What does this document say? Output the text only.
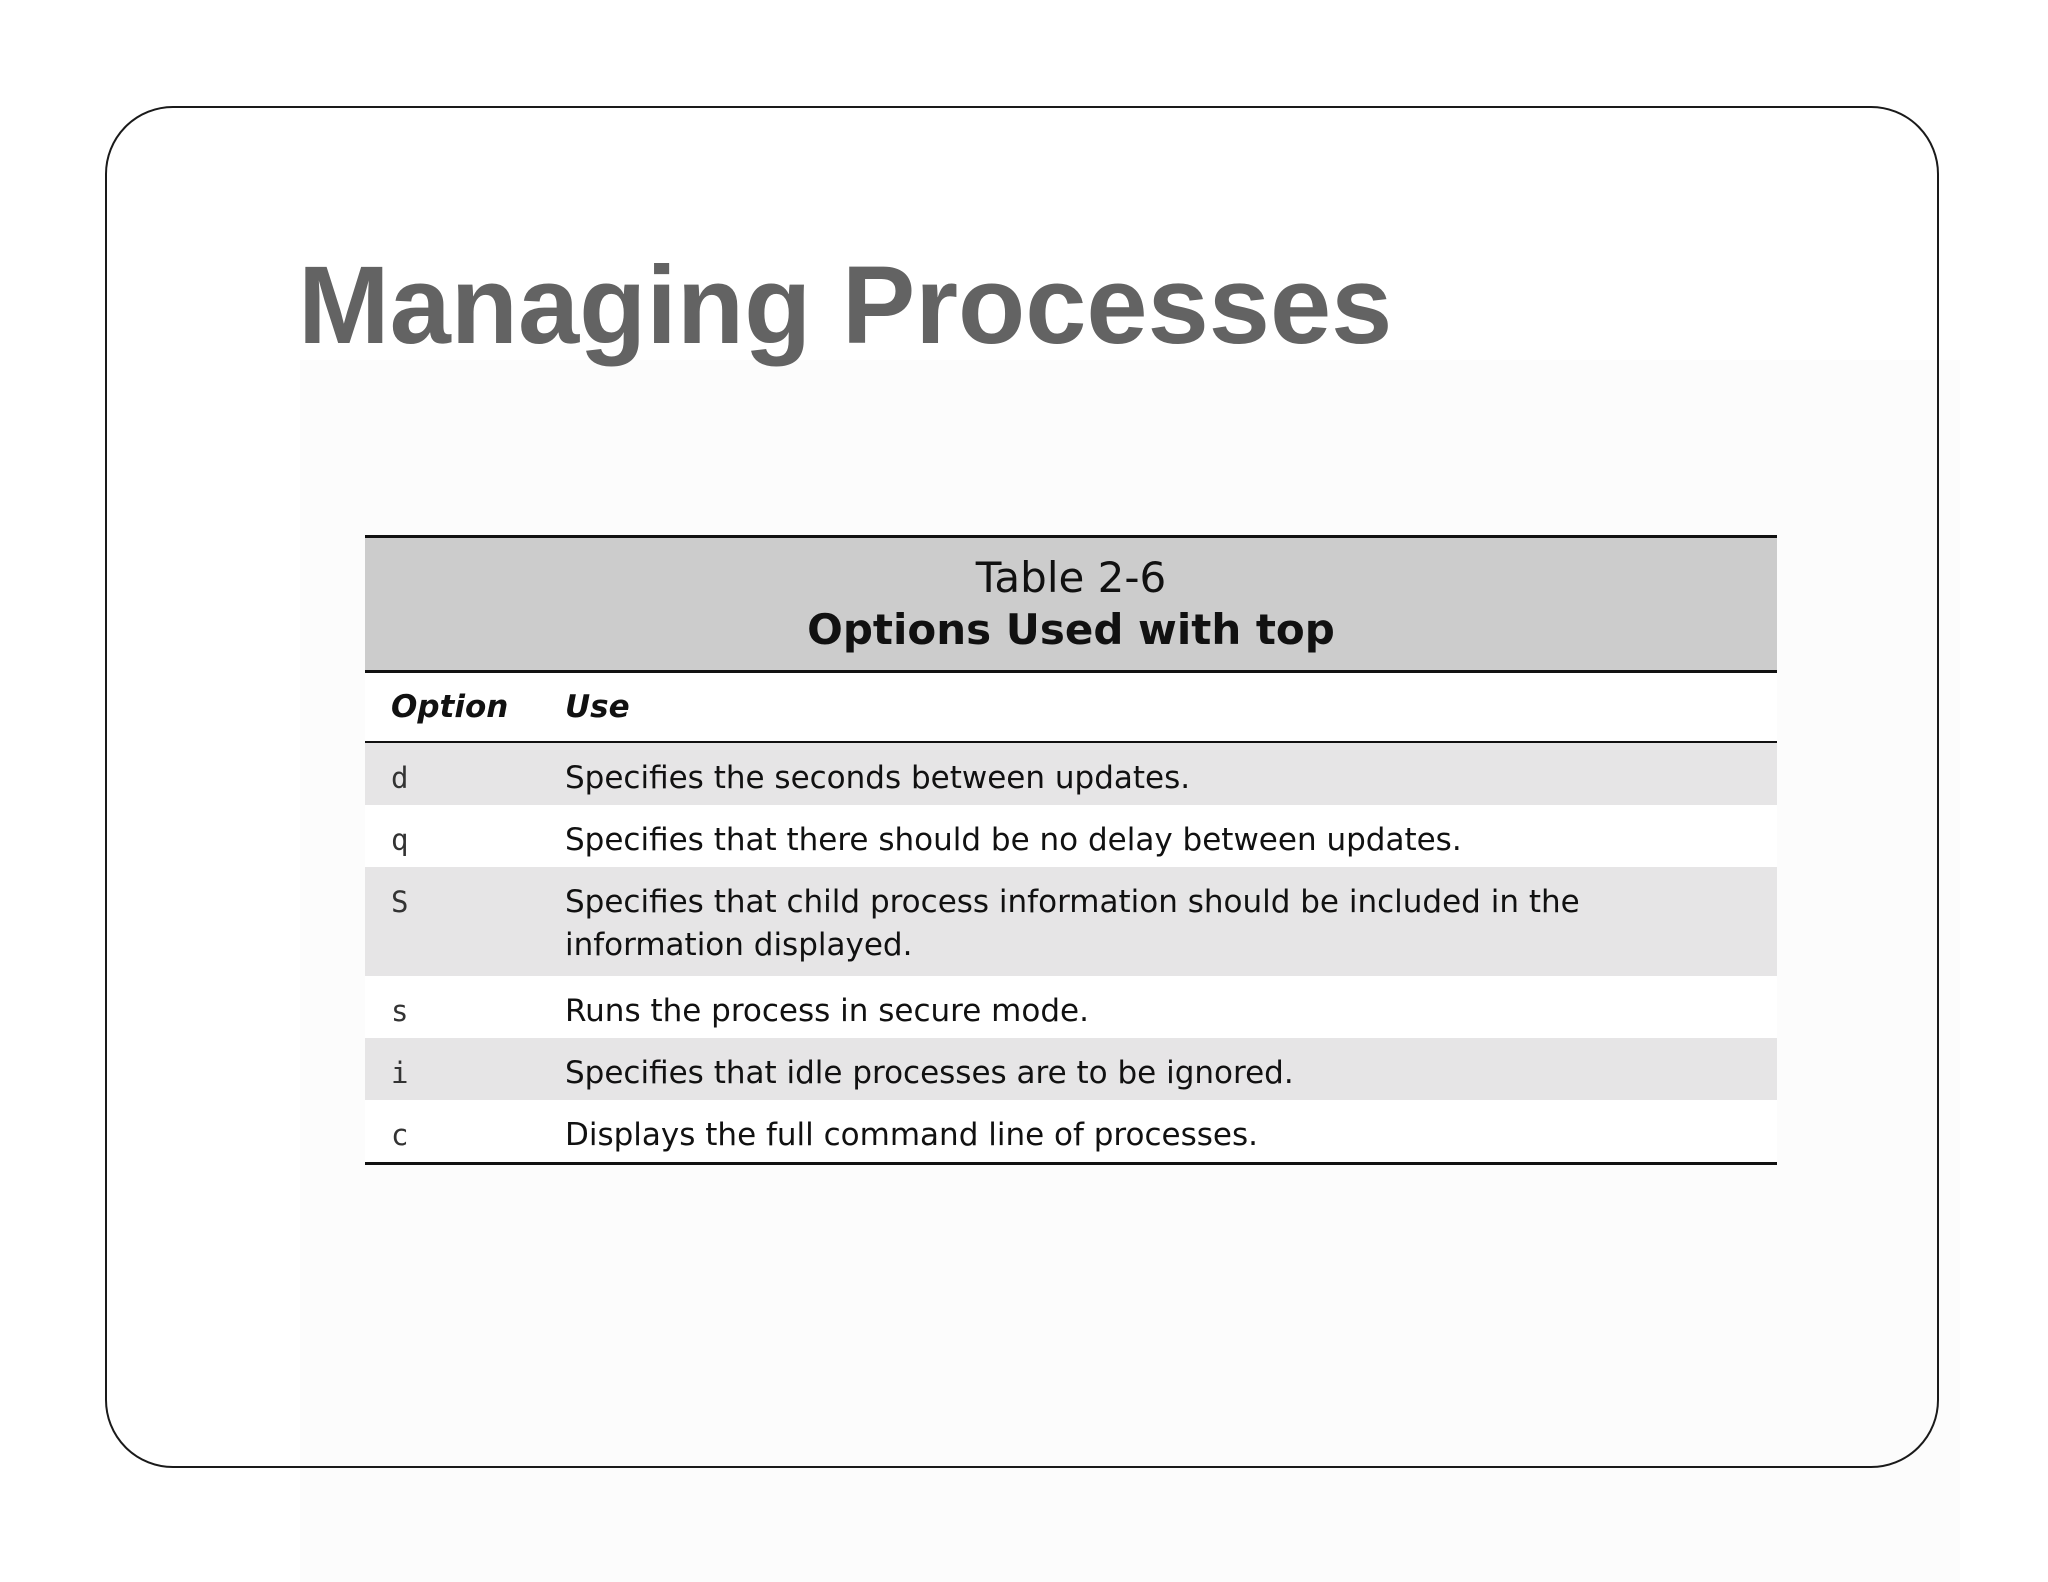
Managing Processes
Table 2-6
Options Used with top
Option	Use
d	Specifies the seconds between updates.
q	Specifies that there should be no delay between updates.
S	Specifies that child process information should be included in the information displayed.
s	Runs the process in secure mode.
i	Specifies that idle processes are to be ignored.
c	Displays the full command line of processes.
